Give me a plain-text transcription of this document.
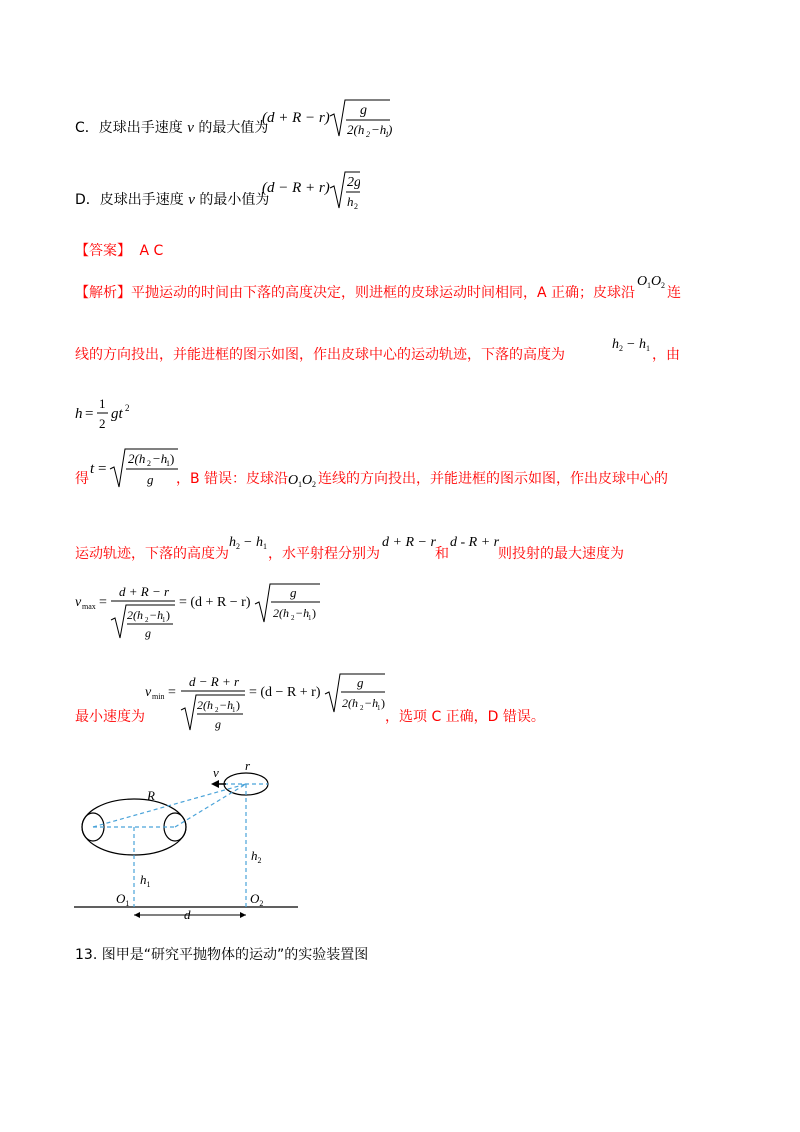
C．皮球出手速度 v 的最大值为
(d + R − r) g
2(h 2 −h
1 )
D．皮球出手速度 v 的最小值为
(d − R + r) 2g
h 2
【答案】 A C
【解析】平抛运动的时间由下落的高度决定，则进框的皮球运动时间相同，A 正确；皮球沿
O 1 O 2 连
线的方向投出，并能进框的图示如图，作出皮球中心的运动轨迹，下落的高度为
h 2 − h 1 ，由
h =
1
2
gt 2
得
t =
2(h 2 −h
1 )
g ，B 错误：皮球沿 O 1 O 2 连线的方向投出，并能进框的图示如图，作出皮球中心的
运动轨迹，下落的高度为
h 2 − h 1 ，水平射程分别为
d + R − r
和
d - R + r
则投射的最大速度为
v max =
d + R − r
2(h 2 −h
1 )
g
= (d + R − r)
g
2(h 2 −h
1 )
最小速度为
v min =
d − R + r
2(h 2 −h
1 )
g
= (d − R + r)
g
2(h 2 −h
1 )
，选项 C 正确，D 错误。
v r
R
$h_1$
$h_2$
$O_1$	$O_2$
d
13. 图甲是“研究平抛物体的运动”的实验装置图
